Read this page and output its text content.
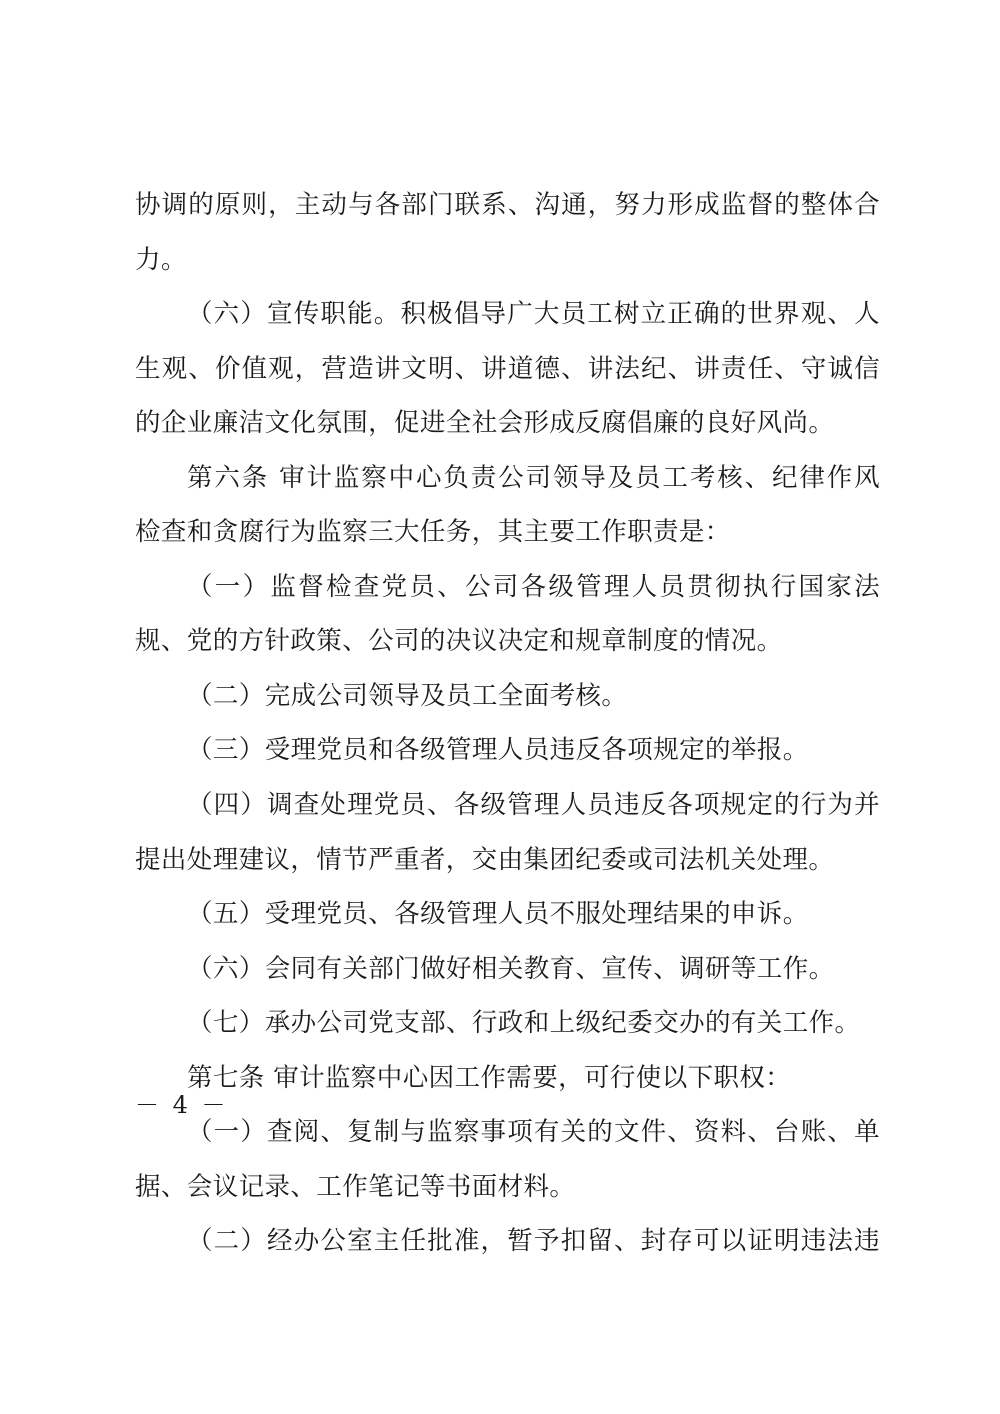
协调的原则，主动与各部门联系、沟通，努力形成监督的整体合
力。
（六）宣传职能。积极倡导广大员工树立正确的世界观、人
生观、价值观，营造讲文明、讲道德、讲法纪、讲责任、守诚信
的企业廉洁文化氛围，促进全社会形成反腐倡廉的良好风尚。
第六条 审计监察中心负责公司领导及员工考核、纪律作风
检查和贪腐行为监察三大任务，其主要工作职责是：
（一）监督检查党员、公司各级管理人员贯彻执行国家法
规、党的方针政策、公司的决议决定和规章制度的情况。
（二）完成公司领导及员工全面考核。
（三）受理党员和各级管理人员违反各项规定的举报。
（四）调查处理党员、各级管理人员违反各项规定的行为并
提出处理建议，情节严重者，交由集团纪委或司法机关处理。
（五）受理党员、各级管理人员不服处理结果的申诉。
（六）会同有关部门做好相关教育、宣传、调研等工作。
（七）承办公司党支部、行政和上级纪委交办的有关工作。
第七条 审计监察中心因工作需要，可行使以下职权：
（一）查阅、复制与监察事项有关的文件、资料、台账、单
据、会议记录、工作笔记等书面材料。
（二）经办公室主任批准，暂予扣留、封存可以证明违法违
－ 4 －
